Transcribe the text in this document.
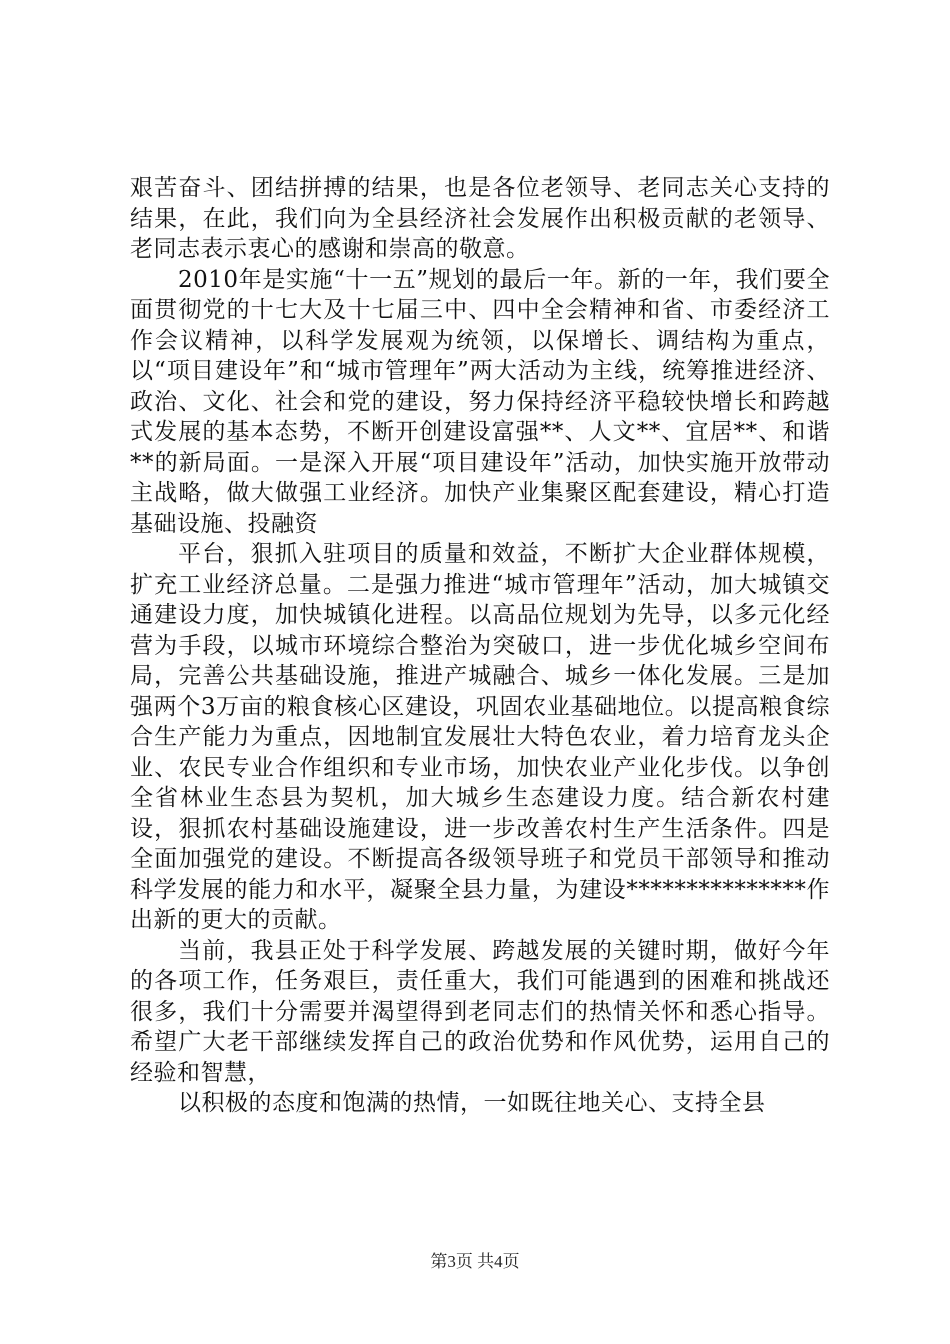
艰苦奋斗、团结拼搏的结果，也是各位老领导、老同志关心支持的结果，在此，我们向为全县经济社会发展作出积极贡献的老领导、老同志表示衷心的感谢和崇高的敬意。

2010年是实施“十一五”规划的最后一年。新的一年，我们要全面贯彻党的十七大及十七届三中、四中全会精神和省、市委经济工作会议精神，以科学发展观为统领，以保增长、调结构为重点，以“项目建设年”和“城市管理年”两大活动为主线，统筹推进经济、政治、文化、社会和党的建设，努力保持经济平稳较快增长和跨越式发展的基本态势，不断开创建设富强**、人文**、宜居**、和谐**的新局面。一是深入开展“项目建设年”活动，加快实施开放带动主战略，做大做强工业经济。加快产业集聚区配套建设，精心打造基础设施、投融资

平台，狠抓入驻项目的质量和效益，不断扩大企业群体规模，扩充工业经济总量。二是强力推进“城市管理年”活动，加大城镇交通建设力度，加快城镇化进程。以高品位规划为先导，以多元化经营为手段，以城市环境综合整治为突破口，进一步优化城乡空间布局，完善公共基础设施，推进产城融合、城乡一体化发展。三是加强两个3万亩的粮食核心区建设，巩固农业基础地位。以提高粮食综合生产能力为重点，因地制宜发展壮大特色农业，着力培育龙头企业、农民专业合作组织和专业市场，加快农业产业化步伐。以争创全省林业生态县为契机，加大城乡生态建设力度。结合新农村建设，狠抓农村基础设施建设，进一步改善农村生产生活条件。四是全面加强党的建设。不断提高各级领导班子和党员干部领导和推动科学发展的能力和水平，凝聚全县力量，为建设***************作出新的更大的贡献。

当前，我县正处于科学发展、跨越发展的关键时期，做好今年的各项工作，任务艰巨，责任重大，我们可能遇到的困难和挑战还很多，我们十分需要并渴望得到老同志们的热情关怀和悉心指导。希望广大老干部继续发挥自己的政治优势和作风优势，运用自己的经验和智慧，

以积极的态度和饱满的热情，一如既往地关心、支持全县

第3页 共4页
